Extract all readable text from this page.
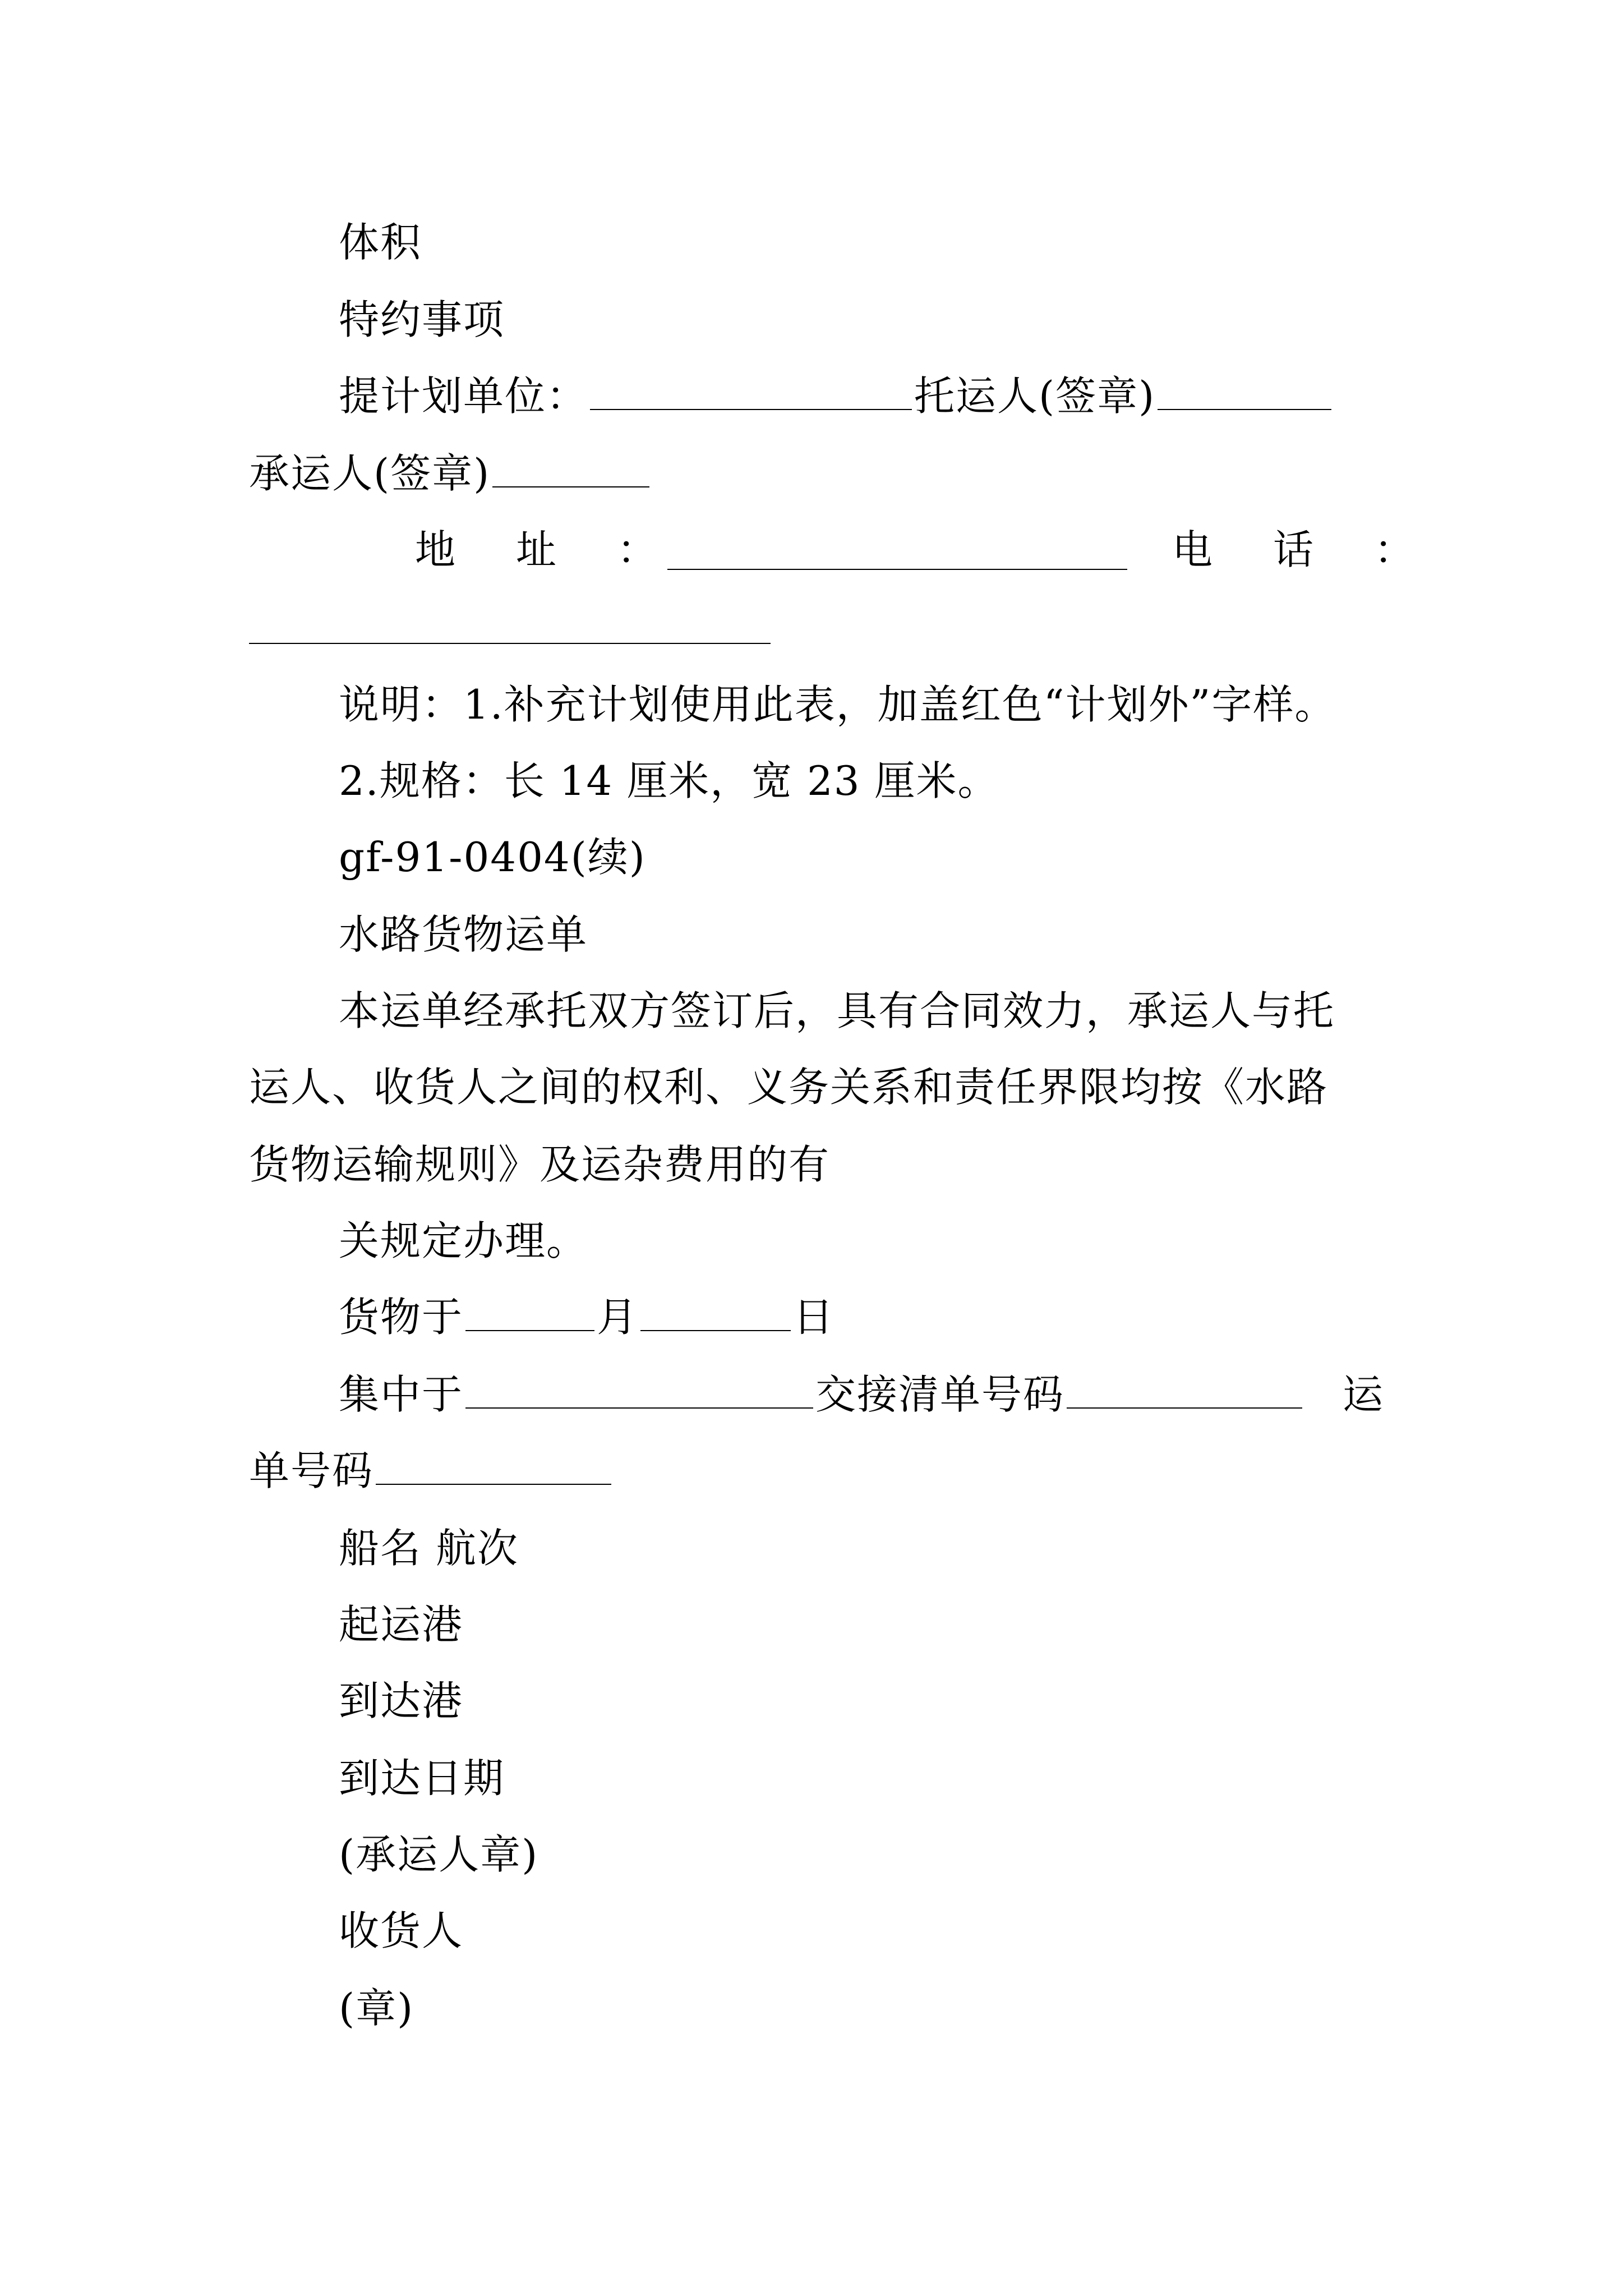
体积
特约事项
提计划单位：	托运人(签章)
承运人(签章)
地　址　：	电　话　：
说明：1.补充计划使用此表，加盖红色“计划外”字样。
2.规格：长 14 厘米，宽 23 厘米。
gf-91-0404(续)
水路货物运单
本运单经承托双方签订后，具有合同效力，承运人与托
运人、收货人之间的权利、义务关系和责任界限均按《水路
货物运输规则》及运杂费用的有
关规定办理。
货物于	月	日
集中于	交接清单号码	运
单号码
船名 航次
起运港
到达港
到达日期
(承运人章)
收货人
(章)
